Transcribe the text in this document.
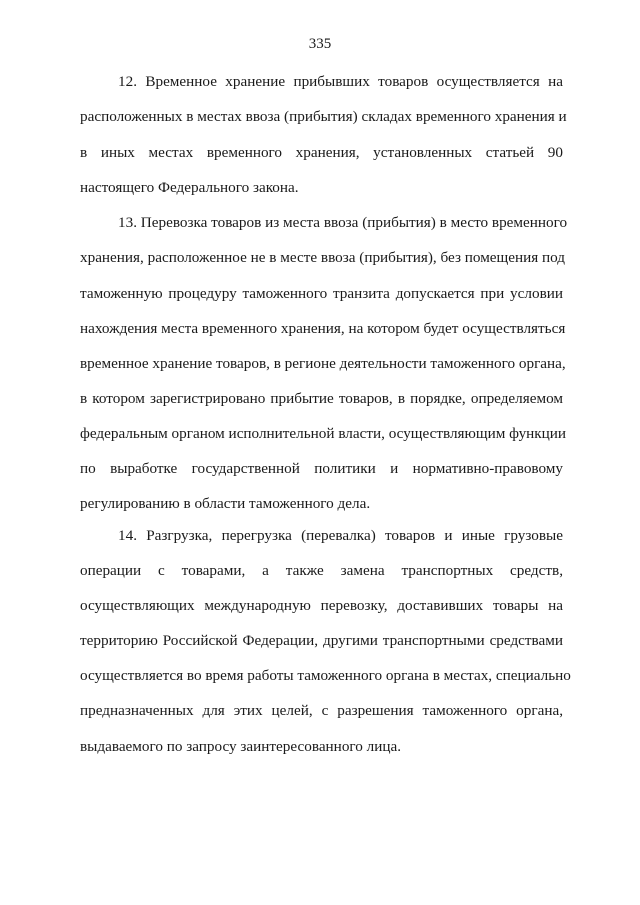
335
12. Временное хранение прибывших товаров осуществляется на
расположенных в местах ввоза (прибытия) складах временного хранения и
в иных местах временного хранения, установленных статьей 90
настоящего Федерального закона.
13. Перевозка товаров из места ввоза (прибытия) в место временного
хранения, расположенное не в месте ввоза (прибытия), без помещения под
таможенную процедуру таможенного транзита допускается при условии
нахождения места временного хранения, на котором будет осуществляться
временное хранение товаров, в регионе деятельности таможенного органа,
в котором зарегистрировано прибытие товаров, в порядке, определяемом
федеральным органом исполнительной власти, осуществляющим функции
по выработке государственной политики и нормативно-правовому
регулированию в области таможенного дела.
14. Разгрузка, перегрузка (перевалка) товаров и иные грузовые
операции с товарами, а также замена транспортных средств,
осуществляющих международную перевозку, доставивших товары на
территорию Российской Федерации, другими транспортными средствами
осуществляется во время работы таможенного органа в местах, специально
предназначенных для этих целей, с разрешения таможенного органа,
выдаваемого по запросу заинтересованного лица.
